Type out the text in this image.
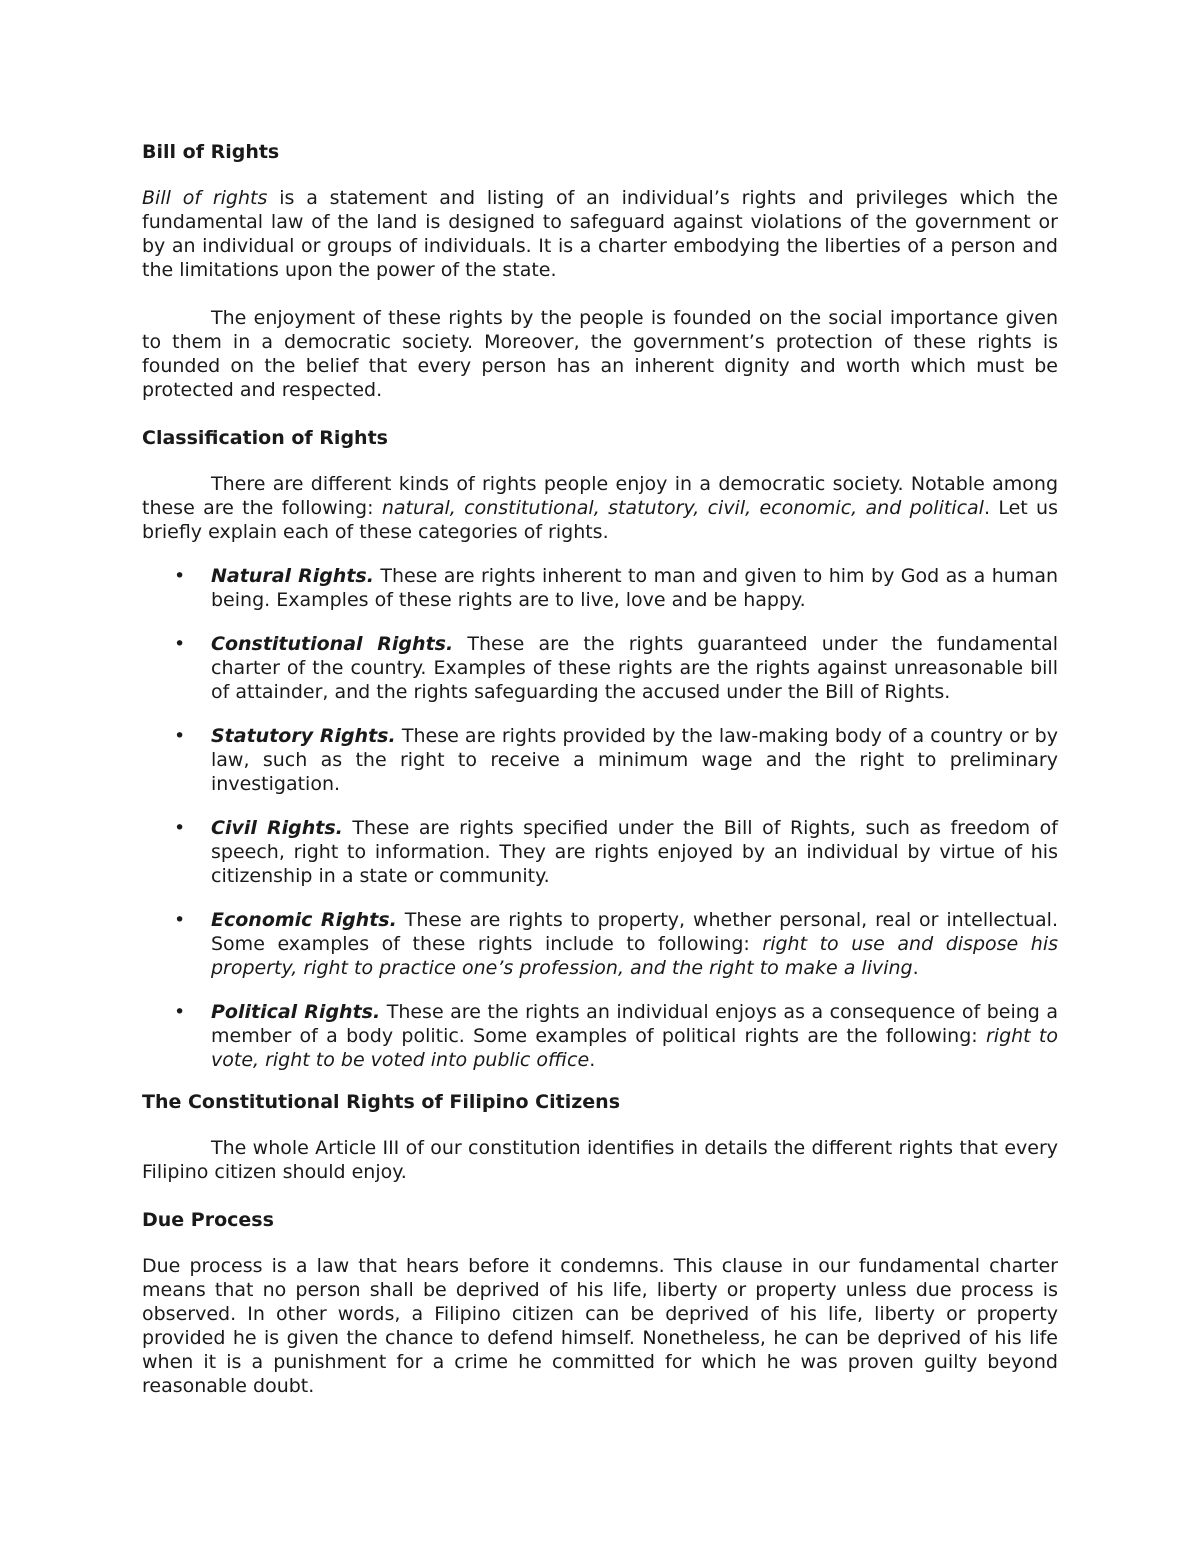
Bill of Rights

Bill of rights is a statement and listing of an individual’s rights and privileges which the fundamental law of the land is designed to safeguard against violations of the government or by an individual or groups of individuals. It is a charter embodying the liberties of a person and the limitations upon the power of the state.

The enjoyment of these rights by the people is founded on the social importance given to them in a democratic society. Moreover, the government’s protection of these rights is founded on the belief that every person has an inherent dignity and worth which must be protected and respected.

Classification of Rights

There are different kinds of rights people enjoy in a democratic society. Notable among these are the following: natural, constitutional, statutory, civil, economic, and political. Let us briefly explain each of these categories of rights.

• Natural Rights. These are rights inherent to man and given to him by God as a human being. Examples of these rights are to live, love and be happy.
• Constitutional Rights. These are the rights guaranteed under the fundamental charter of the country. Examples of these rights are the rights against unreasonable bill of attainder, and the rights safeguarding the accused under the Bill of Rights.
• Statutory Rights. These are rights provided by the law-making body of a country or by law, such as the right to receive a minimum wage and the right to preliminary investigation.
• Civil Rights. These are rights specified under the Bill of Rights, such as freedom of speech, right to information. They are rights enjoyed by an individual by virtue of his citizenship in a state or community.
• Economic Rights. These are rights to property, whether personal, real or intellectual. Some examples of these rights include to following: right to use and dispose his property, right to practice one’s profession, and the right to make a living.
• Political Rights. These are the rights an individual enjoys as a consequence of being a member of a body politic. Some examples of political rights are the following: right to vote, right to be voted into public office.
The Constitutional Rights of Filipino Citizens

The whole Article III of our constitution identifies in details the different rights that every Filipino citizen should enjoy.

Due Process

Due process is a law that hears before it condemns. This clause in our fundamental charter means that no person shall be deprived of his life, liberty or property unless due process is observed. In other words, a Filipino citizen can be deprived of his life, liberty or property provided he is given the chance to defend himself. Nonetheless, he can be deprived of his life when it is a punishment for a crime he committed for which he was proven guilty beyond reasonable doubt.
